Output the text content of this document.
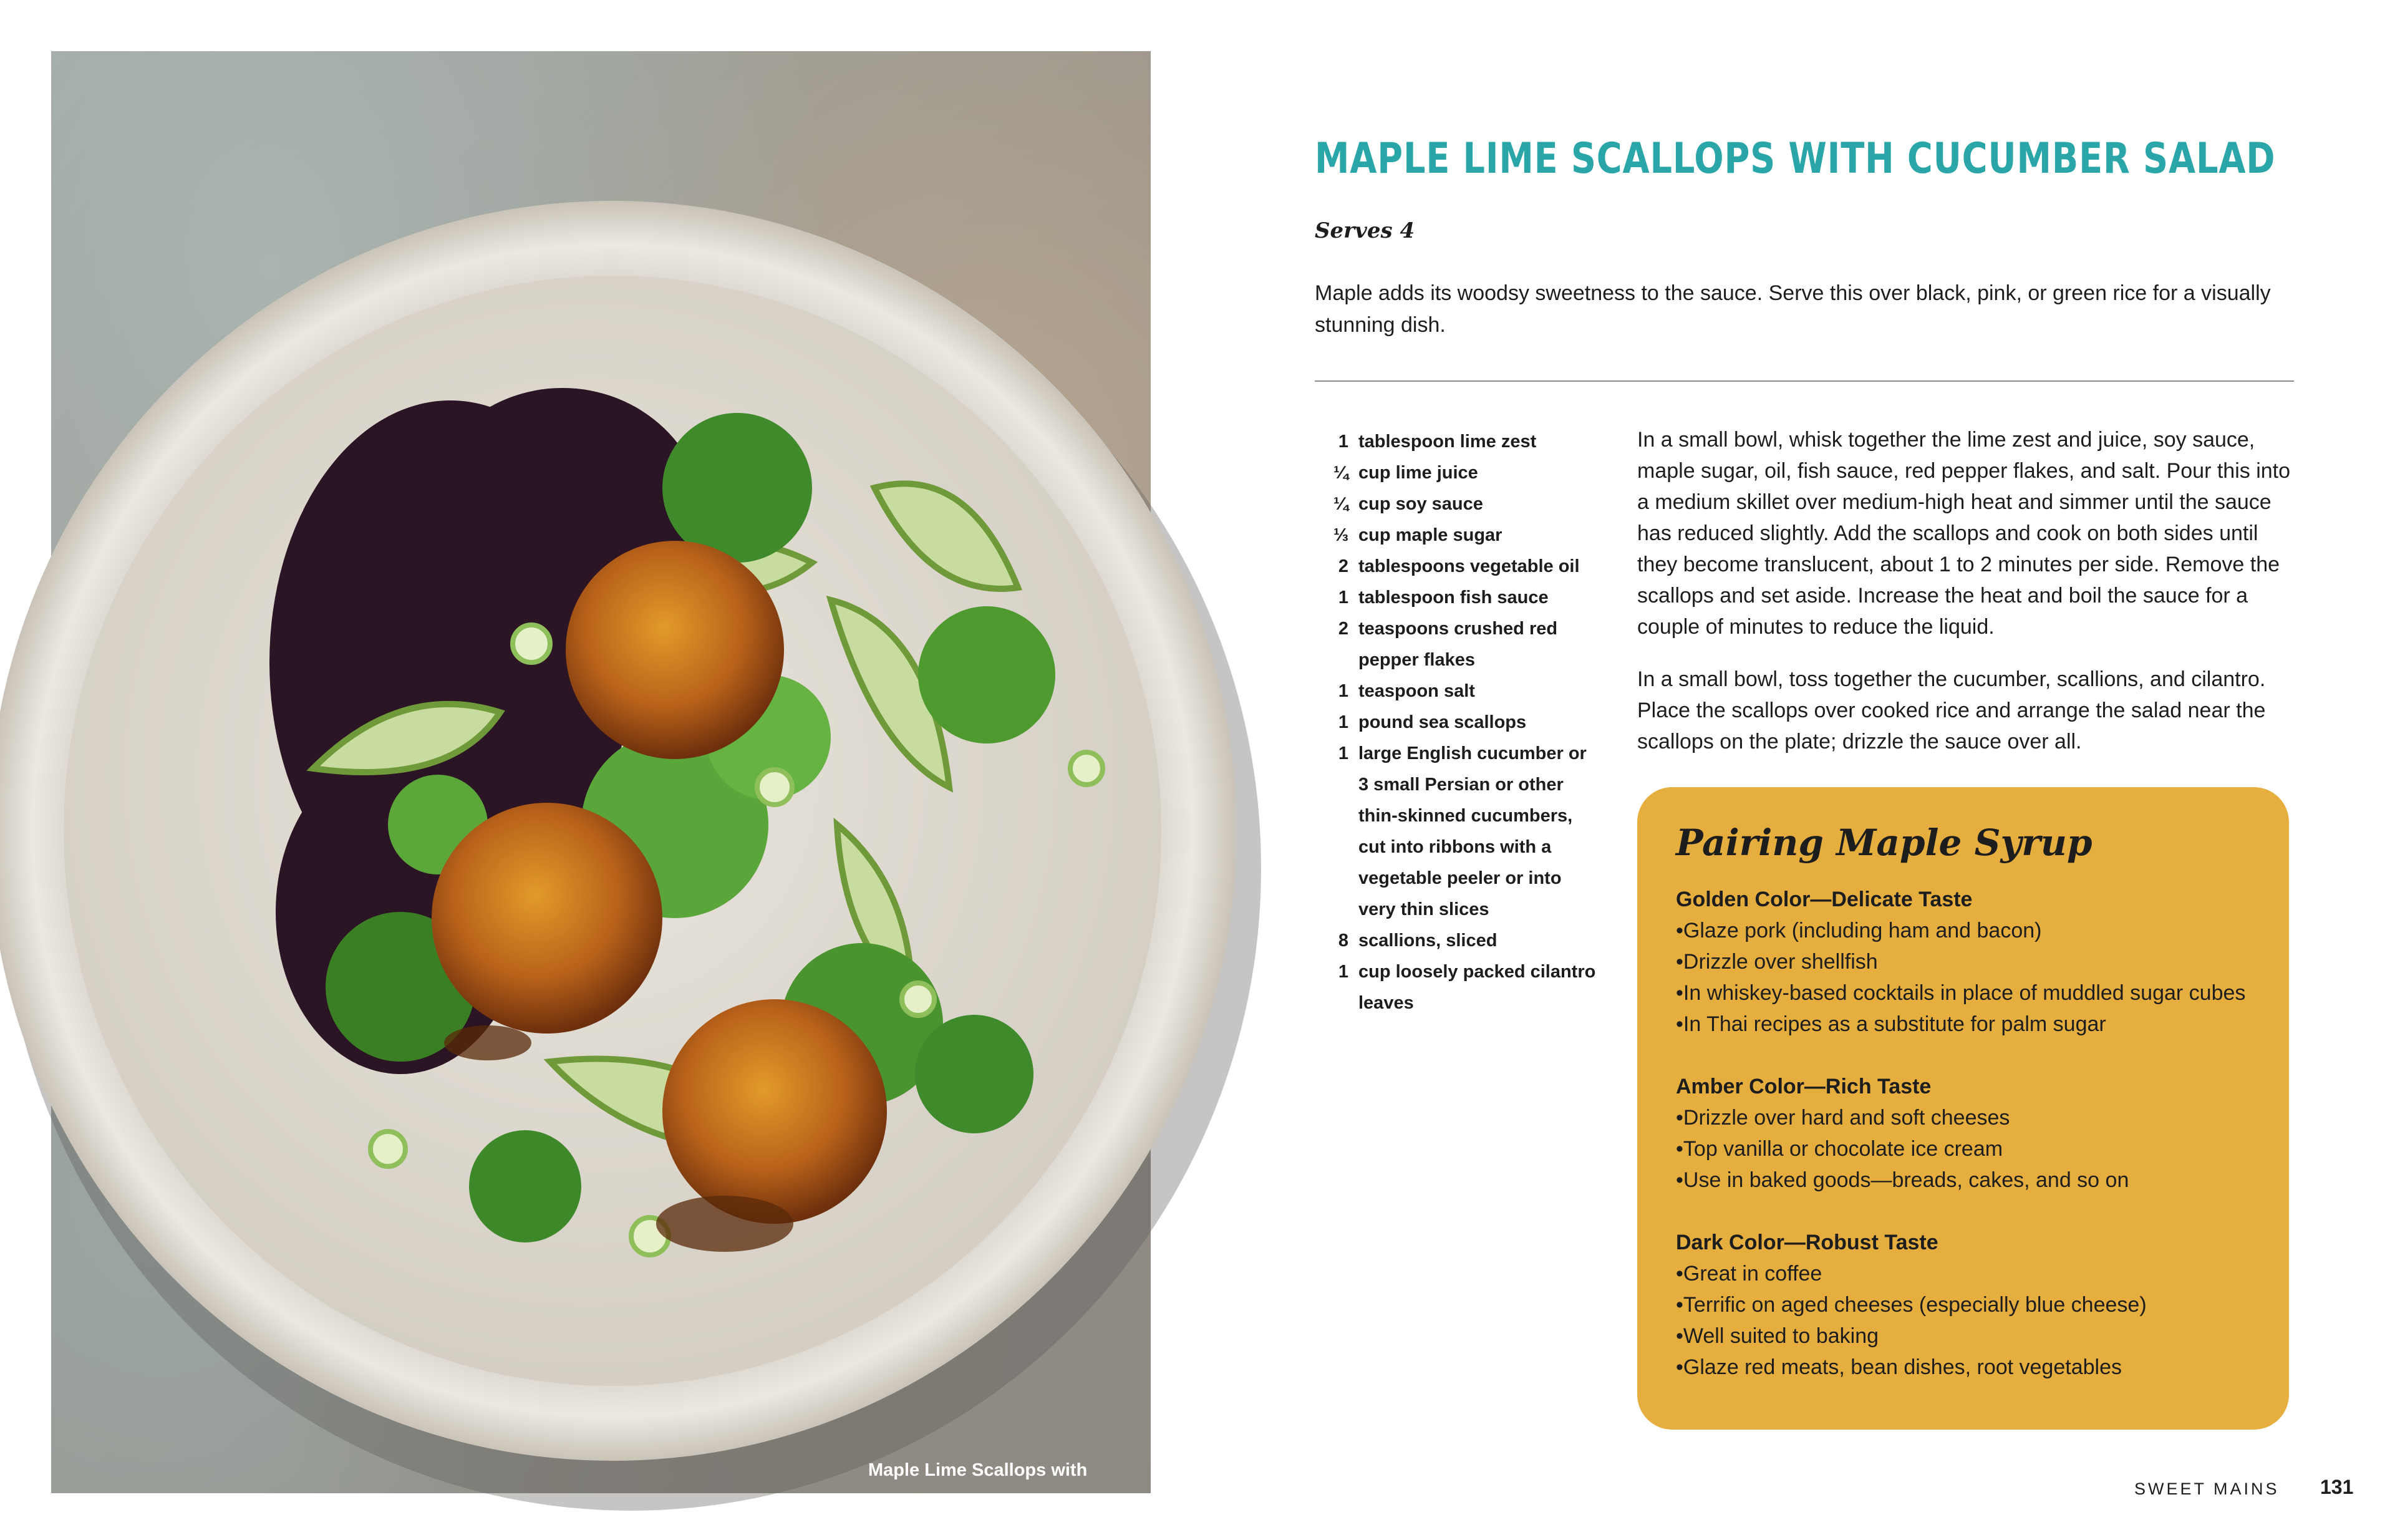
Maple Lime Scallops with
Cucumber Salad and Black Rice
MAPLE LIME SCALLOPS WITH CUCUMBER SALAD
Serves 4
Maple adds its woodsy sweetness to the sauce. Serve this over black, pink, or green rice for a visually stunning dish.
1 tablespoon lime zest
¼ cup lime juice
¼ cup soy sauce
⅓ cup maple sugar
2 tablespoons vegetable oil
1 tablespoon fish sauce
2 teaspoons crushed red pepper flakes
1 teaspoon salt
1 pound sea scallops
1 large English cucumber or 3 small Persian or other thin-skinned cucumbers, cut into ribbons with a vegetable peeler or into very thin slices
8 scallions, sliced
1 cup loosely packed cilantro leaves

In a small bowl, whisk together the lime zest and juice, soy sauce, maple sugar, oil, fish sauce, red pepper flakes, and salt. Pour this into a medium skillet over medium-high heat and simmer until the sauce has reduced slightly. Add the scallops and cook on both sides until they become translucent, about 1 to 2 minutes per side. Remove the scallops and set aside. Increase the heat and boil the sauce for a couple of minutes to reduce the liquid.

In a small bowl, toss together the cucumber, scallions, and cilantro. Place the scallops over cooked rice and arrange the salad near the scallops on the plate; drizzle the sauce over all.

Pairing Maple Syrup
Golden Color—Delicate Taste
• Glaze pork (including ham and bacon)
• Drizzle over shellfish
• In whiskey-based cocktails in place of muddled sugar cubes
• In Thai recipes as a substitute for palm sugar
Amber Color—Rich Taste
• Drizzle over hard and soft cheeses
• Top vanilla or chocolate ice cream
• Use in baked goods—breads, cakes, and so on
Dark Color—Robust Taste
• Great in coffee
• Terrific on aged cheeses (especially blue cheese)
• Well suited to baking
• Glaze red meats, bean dishes, root vegetables
SWEET MAINS 131
